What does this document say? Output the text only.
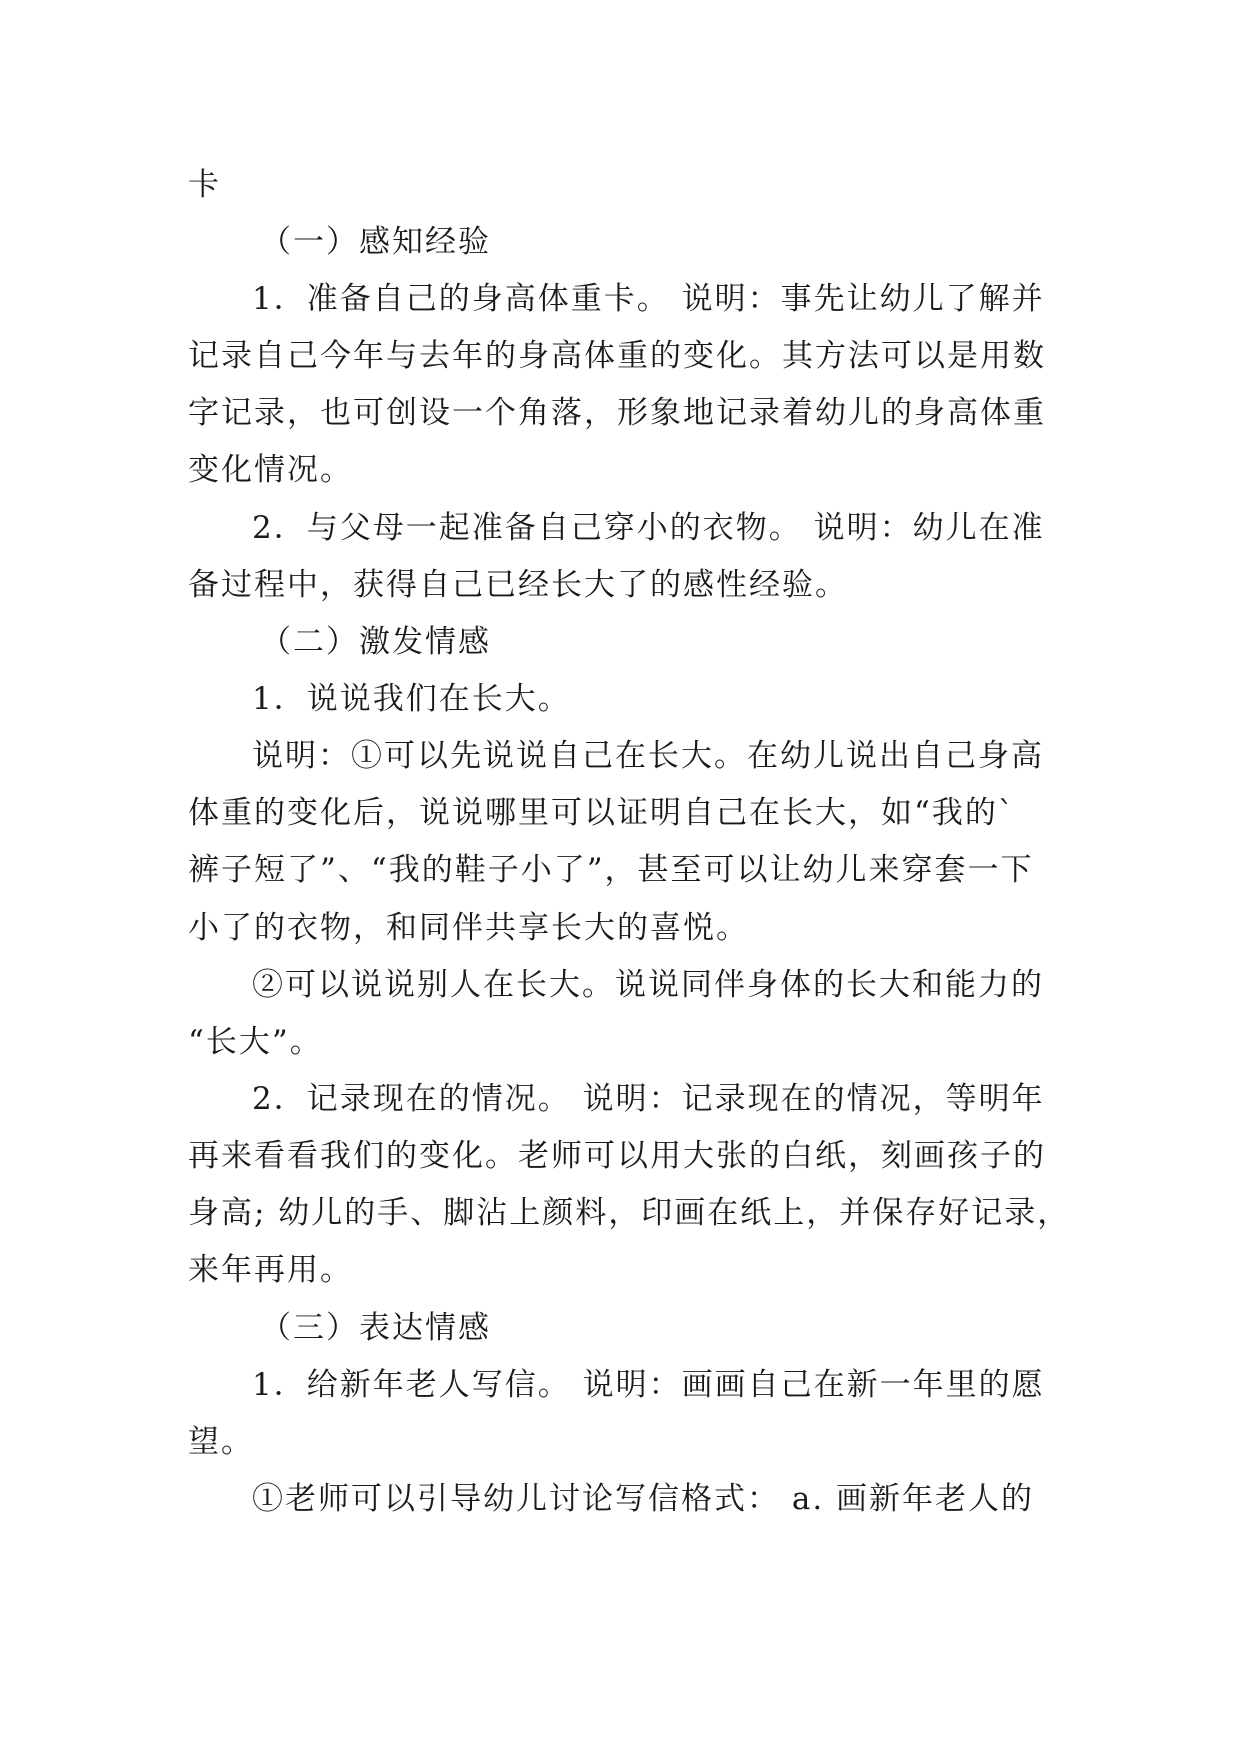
卡
（一）感知经验
1．准备自己的身高体重卡。 说明：事先让幼儿了解并
记录自己今年与去年的身高体重的变化。其方法可以是用数
字记录，也可创设一个角落，形象地记录着幼儿的身高体重
变化情况。
2．与父母一起准备自己穿小的衣物。 说明：幼儿在准
备过程中，获得自己已经长大了的感性经验。
（二）激发情感
1．说说我们在长大。
说明：①可以先说说自己在长大。在幼儿说出自己身高
体重的变化后，说说哪里可以证明自己在长大，如“我的`
裤子短了”、“我的鞋子小了”，甚至可以让幼儿来穿套一下
小了的衣物，和同伴共享长大的喜悦。
②可以说说别人在长大。说说同伴身体的长大和能力的
“长大”。
2．记录现在的情况。 说明：记录现在的情况，等明年
再来看看我们的变化。老师可以用大张的白纸，刻画孩子的
身高; 幼儿的手、脚沾上颜料，印画在纸上，并保存好记录，
来年再用。
（三）表达情感
1．给新年老人写信。 说明：画画自己在新一年里的愿
望。
①老师可以引导幼儿讨论写信格式： a. 画新年老人的
